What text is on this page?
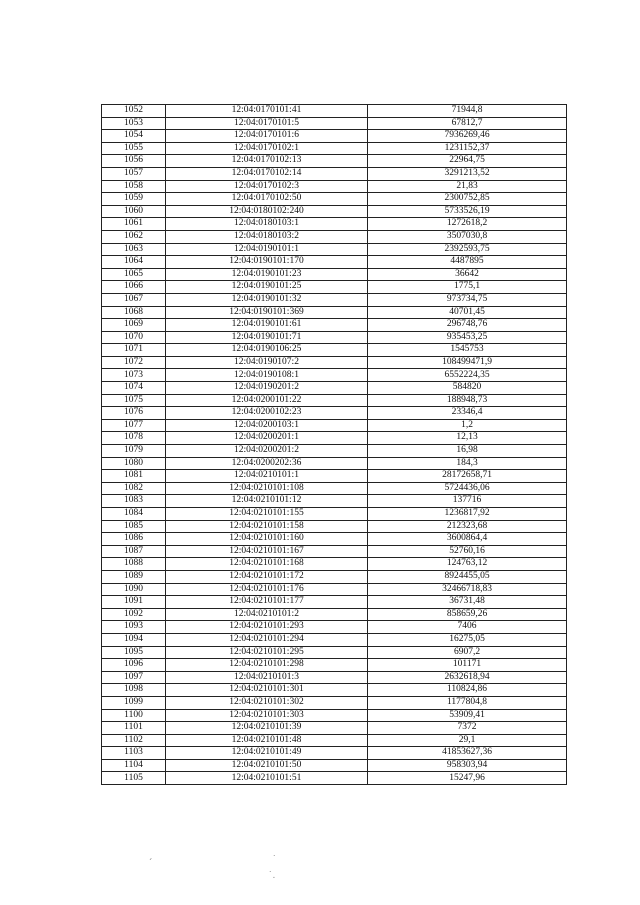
1052	12:04:0170101:41	71944,8
1053	12:04:0170101:5	67812,7
1054	12:04:0170101:6	7936269,46
1055	12:04:0170102:1	1231152,37
1056	12:04:0170102:13	22964,75
1057	12:04:0170102:14	3291213,52
1058	12:04:0170102:3	21,83
1059	12:04:0170102:50	2300752,85
1060	12:04:0180102:240	5733526,19
1061	12:04:0180103:1	1272618,2
1062	12:04:0180103:2	3507030,8
1063	12:04:0190101:1	2392593,75
1064	12:04:0190101:170	4487895
1065	12:04:0190101:23	36642
1066	12:04:0190101:25	1775,1
1067	12:04:0190101:32	973734,75
1068	12:04:0190101:369	40701,45
1069	12:04:0190101:61	296748,76
1070	12:04:0190101:71	935453,25
1071	12:04:0190106:25	1545753
1072	12:04:0190107:2	108499471,9
1073	12:04:0190108:1	6552224,35
1074	12:04:0190201:2	584820
1075	12:04:0200101:22	188948,73
1076	12:04:0200102:23	23346,4
1077	12:04:0200103:1	1,2
1078	12:04:0200201:1	12,13
1079	12:04:0200201:2	16,98
1080	12:04:0200202:36	184,3
1081	12:04:0210101:1	28172658,71
1082	12:04:0210101:108	5724436,06
1083	12:04:0210101:12	137716
1084	12:04:0210101:155	1236817,92
1085	12:04:0210101:158	212323,68
1086	12:04:0210101:160	3600864,4
1087	12:04:0210101:167	52760,16
1088	12:04:0210101:168	124763,12
1089	12:04:0210101:172	8924455,05
1090	12:04:0210101:176	32466718,83
1091	12:04:0210101:177	36731,48
1092	12:04:0210101:2	858659,26
1093	12:04:0210101:293	7406
1094	12:04:0210101:294	16275,05
1095	12:04:0210101:295	6907,2
1096	12:04:0210101:298	101171
1097	12:04:0210101:3	2632618,94
1098	12:04:0210101:301	110824,86
1099	12:04:0210101:302	1177804,8
1100	12:04:0210101:303	53909,41
1101	12:04:0210101:39	7372
1102	12:04:0210101:48	29,1
1103	12:04:0210101:49	41853627,36
1104	12:04:0210101:50	958303,94
1105	12:04:0210101:51	15247,96
ˏ	˙
˙.
